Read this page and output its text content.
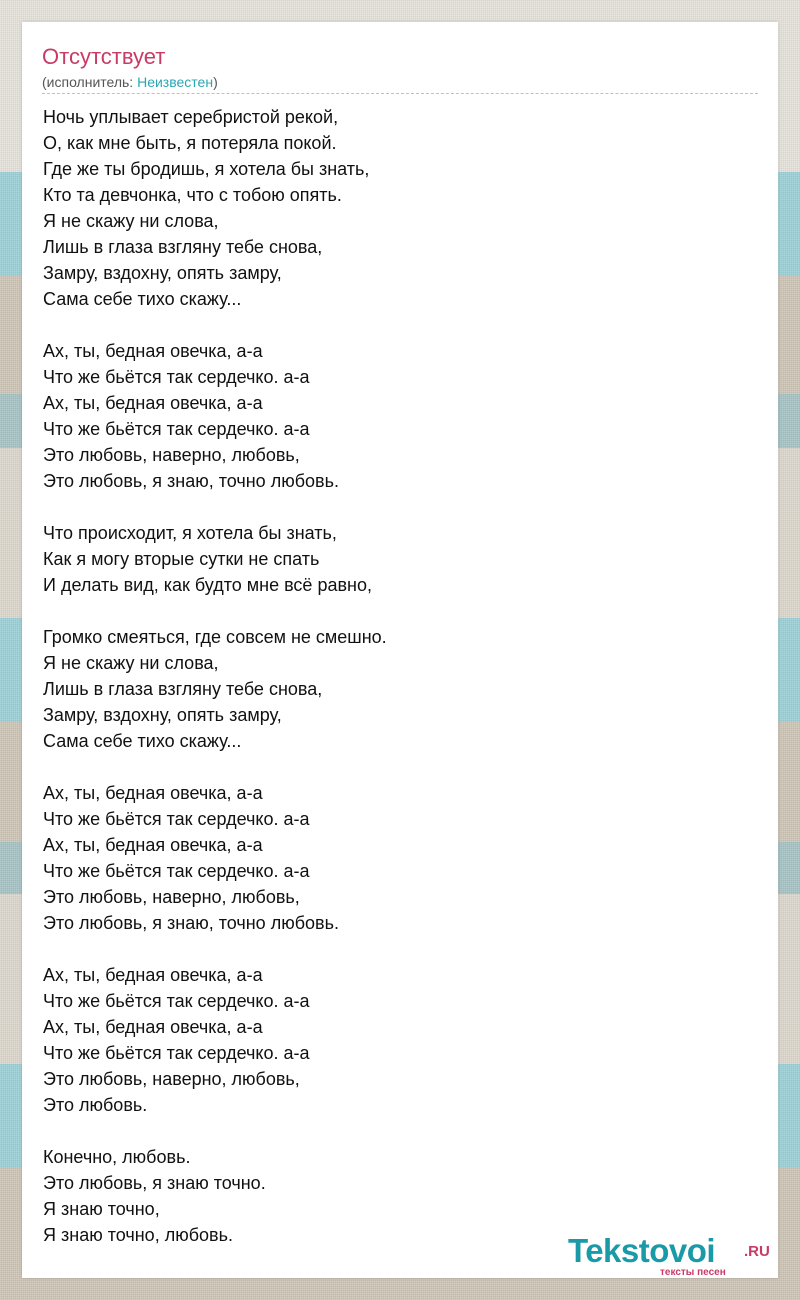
Отсутствует
(исполнитель: Неизвестен)
Ночь уплывает серебристой рекой,
О, как мне быть, я потеряла покой.
Где же ты бродишь, я хотела бы знать,
Кто та девчонка, что с тобою опять.
Я не скажу ни слова,
Лишь в глаза взгляну тебе снова,
Замру, вздохну, опять замру,
Сама себе тихо скажу...
Ах, ты, бедная овечка, а-а
Что же бьётся так сердечко. а-а
Ах, ты, бедная овечка, а-а
Что же бьётся так сердечко. а-а
Это любовь, наверно, любовь,
Это любовь, я знаю, точно любовь.
Что происходит, я хотела бы знать,
Как я могу вторые сутки не спать
И делать вид, как будто мне всё равно,
Громко смеяться, где совсем не смешно.
Я не скажу ни слова,
Лишь в глаза взгляну тебе снова,
Замру, вздохну, опять замру,
Сама себе тихо скажу...
Ах, ты, бедная овечка, а-а
Что же бьётся так сердечко. а-а
Ах, ты, бедная овечка, а-а
Что же бьётся так сердечко. а-а
Это любовь, наверно, любовь,
Это любовь, я знаю, точно любовь.
Ах, ты, бедная овечка, а-а
Что же бьётся так сердечко. а-а
Ах, ты, бедная овечка, а-а
Что же бьётся так сердечко. а-а
Это любовь, наверно, любовь,
Это любовь.
Конечно, любовь.
Это любовь, я знаю точно.
Я знаю точно,
Я знаю точно, любовь.	Tekstovoi .RU
тексты песен
